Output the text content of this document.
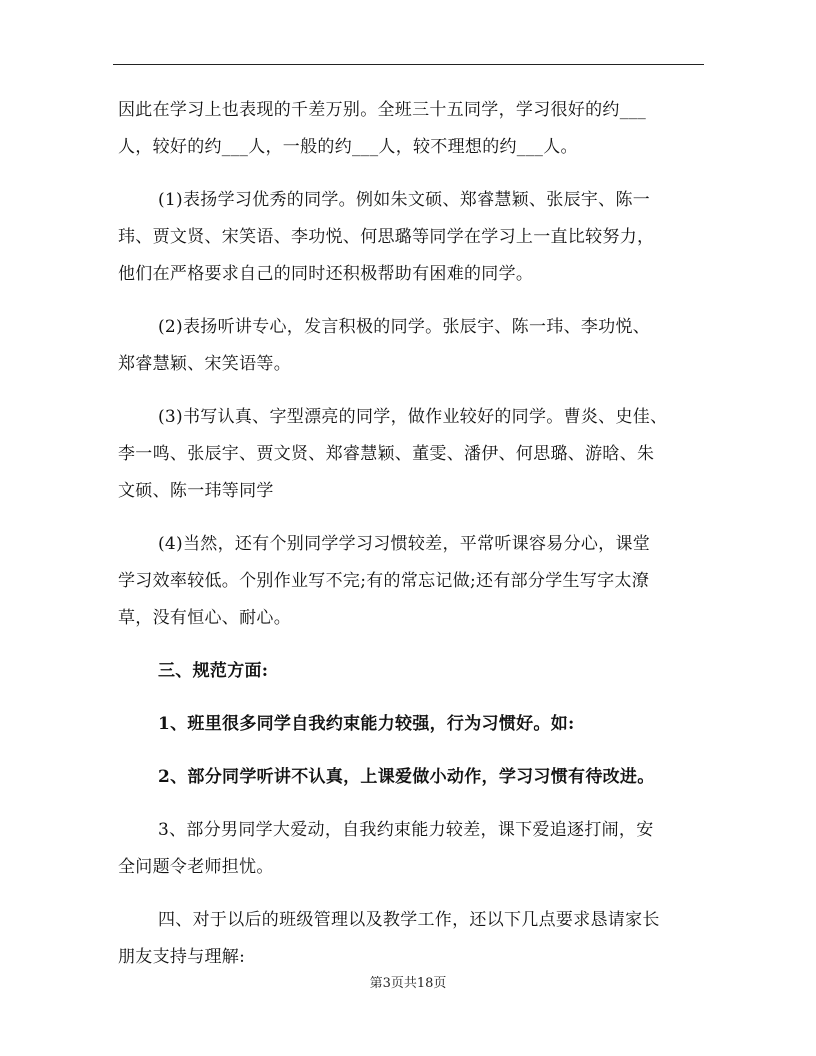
因此在学习上也表现的千差万别。全班三十五同学，学习很好的约___
人，较好的约___人，一般的约___人，较不理想的约___人。
(1)表扬学习优秀的同学。例如朱文硕、郑睿慧颖、张辰宇、陈一
玮、贾文贤、宋笑语、李功悦、何思璐等同学在学习上一直比较努力，
他们在严格要求自己的同时还积极帮助有困难的同学。
(2)表扬听讲专心，发言积极的同学。张辰宇、陈一玮、李功悦、
郑睿慧颖、宋笑语等。
(3)书写认真、字型漂亮的同学，做作业较好的同学。曹炎、史佳、
李一鸣、张辰宇、贾文贤、郑睿慧颖、董雯、潘伊、何思璐、游晗、朱
文硕、陈一玮等同学
(4)当然，还有个别同学学习习惯较差，平常听课容易分心，课堂
学习效率较低。个别作业写不完;有的常忘记做;还有部分学生写字太潦
草，没有恒心、耐心。
三、规范方面:
1、班里很多同学自我约束能力较强，行为习惯好。如:
2、部分同学听讲不认真，上课爱做小动作，学习习惯有待改进。
3、部分男同学大爱动，自我约束能力较差，课下爱追逐打闹，安
全问题令老师担忧。
四、对于以后的班级管理以及教学工作，还以下几点要求恳请家长
朋友支持与理解:
第3页共18页
